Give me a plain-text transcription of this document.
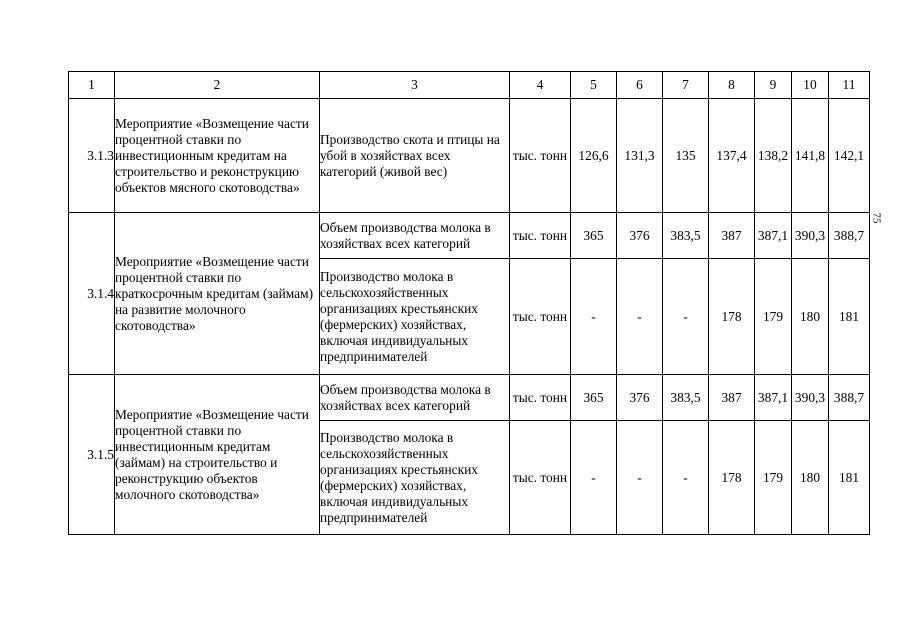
75
1	2	3	4	5	6	7	8	9	10	11
3.1.3	Мероприятие «Возмещение части процентной ставки по инвестиционным кредитам на строительство и реконструкцию объектов мясного скотоводства»	Производство скота и птицы на убой в хозяйствах всех категорий (живой вес)	тыс. тонн	126,6	131,3	135	137,4	138,2	141,8	142,1
3.1.4	Мероприятие «Возмещение части процентной ставки по краткосрочным кредитам (займам) на развитие молочного скотоводства»	Объем производства молока в хозяйствах всех категорий	тыс. тонн	365	376	383,5	387	387,1	390,3	388,7
		Производство молока в сельскохозяйственных организациях крестьянских (фермерских) хозяйствах, включая индивидуальных предпринимателей	тыс. тонн	-	-	-	178	179	180	181
3.1.5	Мероприятие «Возмещение части процентной ставки по инвестиционным кредитам (займам) на строительство и реконструкцию объектов молочного скотоводства»	Объем производства молока в хозяйствах всех категорий	тыс. тонн	365	376	383,5	387	387,1	390,3	388,7
		Производство молока в сельскохозяйственных организациях крестьянских (фермерских) хозяйствах, включая индивидуальных предпринимателей	тыс. тонн	-	-	-	178	179	180	181
